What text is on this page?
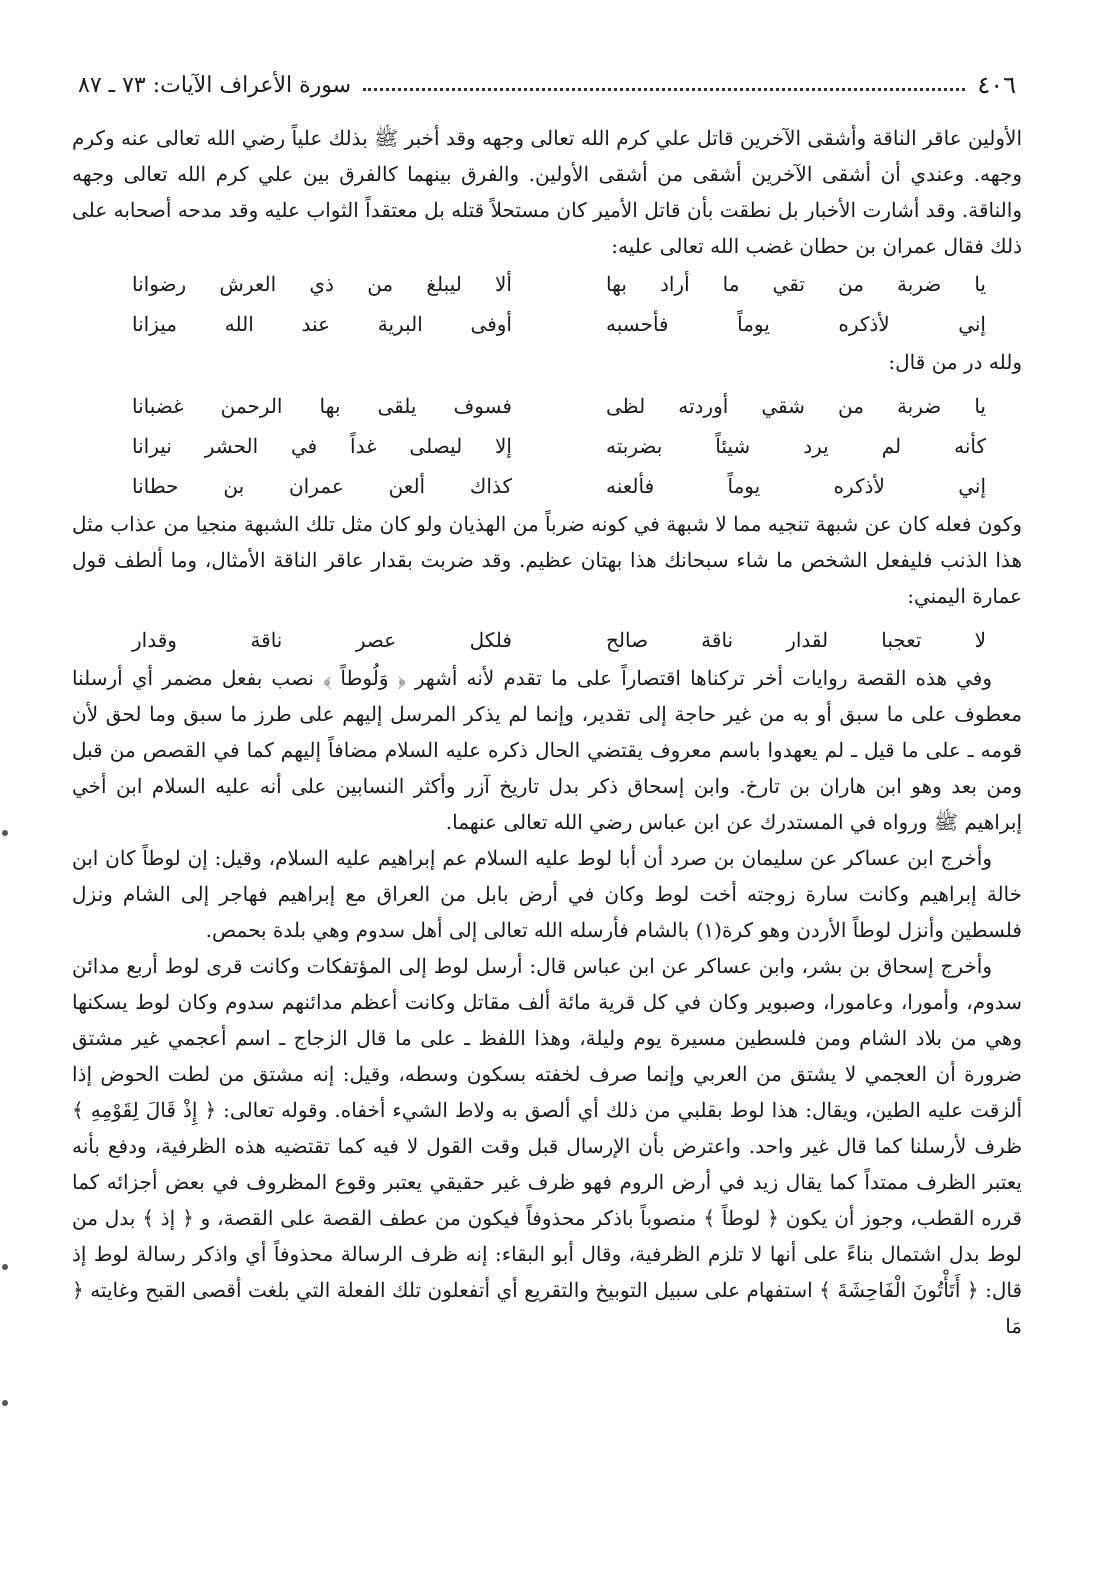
٤٠٦
سورة الأعراف الآيات: ٧٣ ـ ٨٧

الأولين عاقر الناقة وأشقى الآخرين قاتل علي كرم الله تعالى وجهه وقد أخبر ﷺ بذلك علياً رضي الله تعالى عنه وكرم وجهه. وعندي أن أشقى الآخرين أشقى من أشقى الأولين. والفرق بينهما كالفرق بين علي كرم الله تعالى وجهه والناقة. وقد أشارت الأخبار بل نطقت بأن قاتل الأمير كان مستحلاً قتله بل معتقداً الثواب عليه وقد مدحه أصحابه على ذلك فقال عمران بن حطان غضب الله تعالى عليه:

يا ضربة من تقي ما أراد بها
ألا ليبلغ من ذي العرش رضوانا
إني لأذكره يوماً فأحسبه
أوفى البرية عند الله ميزانا

ولله در من قال:

يا ضربة من شقي أوردته لظى
فسوف يلقى بها الرحمن غضبانا
كأنه لم يرد شيئاً بضربته
إلا ليصلى غداً في الحشر نيرانا
إني لأذكره يوماً فألعنه
كذاك ألعن عمران بن حطانا

وكون فعله كان عن شبهة تنجيه مما لا شبهة في كونه ضرباً من الهذيان ولو كان مثل تلك الشبهة منجيا من عذاب مثل هذا الذنب فليفعل الشخص ما شاء سبحانك هذا بهتان عظيم. وقد ضربت بقدار عاقر الناقة الأمثال، وما ألطف قول عمارة اليمني:

لا تعجبا لقدار ناقة صالح
فلكل عصر ناقة وقدار

وفي هذه القصة روايات أخر تركناها اقتصاراً على ما تقدم لأنه أشهر ﴿ وَلُوطاً ﴾ نصب بفعل مضمر أي أرسلنا معطوف على ما سبق أو به من غير حاجة إلى تقدير، وإنما لم يذكر المرسل إليهم على طرز ما سبق وما لحق لأن قومه ـ على ما قيل ـ لم يعهدوا باسم معروف يقتضي الحال ذكره عليه السلام مضافاً إليهم كما في القصص من قبل ومن بعد وهو ابن هاران بن تارخ. وابن إسحاق ذكر بدل تاريخ آزر وأكثر النسابين على أنه عليه السلام ابن أخي إبراهيم ﷺ ورواه في المستدرك عن ابن عباس رضي الله تعالى عنهما.

وأخرج ابن عساكر عن سليمان بن صرد أن أبا لوط عليه السلام عم إبراهيم عليه السلام، وقيل: إن لوطاً كان ابن خالة إبراهيم وكانت سارة زوجته أخت لوط وكان في أرض بابل من العراق مع إبراهيم فهاجر إلى الشام ونزل فلسطين وأنزل لوطاً الأردن وهو كرة(١) بالشام فأرسله الله تعالى إلى أهل سدوم وهي بلدة بحمص.

وأخرج إسحاق بن بشر، وابن عساكر عن ابن عباس قال: أرسل لوط إلى المؤتفكات وكانت قرى لوط أربع مدائن سدوم، وأمورا، وعامورا، وصبوير وكان في كل قرية مائة ألف مقاتل وكانت أعظم مدائنهم سدوم وكان لوط يسكنها وهي من بلاد الشام ومن فلسطين مسيرة يوم وليلة، وهذا اللفظ ـ على ما قال الزجاج ـ اسم أعجمي غير مشتق ضرورة أن العجمي لا يشتق من العربي وإنما صرف لخفته بسكون وسطه، وقيل: إنه مشتق من لطت الحوض إذا ألزقت عليه الطين، ويقال: هذا لوط بقلبي من ذلك أي ألصق به ولاط الشيء أخفاه. وقوله تعالى: ﴿ إِذْ قَالَ لِقَوْمِهِ ﴾ ظرف لأرسلنا كما قال غير واحد. واعترض بأن الإرسال قبل وقت القول لا فيه كما تقتضيه هذه الظرفية، ودفع بأنه يعتبر الظرف ممتداً كما يقال زيد في أرض الروم فهو ظرف غير حقيقي يعتبر وقوع المظروف في بعض أجزائه كما قرره القطب، وجوز أن يكون ﴿ لوطاً ﴾ منصوباً باذكر محذوفاً فيكون من عطف القصة على القصة، و ﴿ إذ ﴾ بدل من لوط بدل اشتمال بناءً على أنها لا تلزم الظرفية، وقال أبو البقاء: إنه ظرف الرسالة محذوفاً أي واذكر رسالة لوط إذ قال: ﴿ أَتَأْتُونَ الْفَاحِشَةَ ﴾ استفهام على سبيل التوبيخ والتقريع أي أتفعلون تلك الفعلة التي بلغت أقصى القبح وغايته ﴿ مَا
